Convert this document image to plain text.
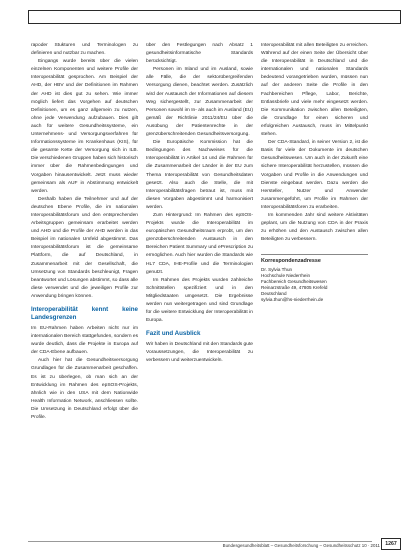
rapoder Stukturen und Terminologen zu definieren und nutzbar zu machen.

Eingangs wurde bereits über die vielen einzelnen Komponenten und weitere Profile der Interoperabilität gesprochen. Am Beispiel der AHD, der HBV und der Definitionen im Rahmen der AHD ist dies gut zu sehen. Wie immer möglich liefert das Vorgehen auf deutschen Definitionen, um es ganz allgemein zu nutzen, ohne jede Verwendung aufzubauen. Dies gilt auch für weitere Gesundheitssysteme, ein Unternehmens- und Versorgungsverfahren für Informationssysteme im Krankenhaus (KIS), für die gesamte Kette der Versorgung sich in ILB. Die verschiedenen Gruppen haben sich historisch immer über die Rahmenbedingungen und Vorgaben hinausentwickelt. Jetzt muss wieder gemeinsam als AUF in Abstimmung entwickelt werden.

Deshalb haben die Teilnehmer und auf der deutschen Ebene Profile, die im nationalen Interoperabilitätsforum und den entsprechenden Arbeitsgruppen gemeinsam erarbeitet werden und AHD und die Profile der AHD werden in das Beispiel im nationalen Umfeld abgestimmt. Das Interoperabilitätsforum ist die gemeinsame Plattform, die auf Deutschland, in Zusammenarbeit mit der Gesellschaft, die Umsetzung von Standards beschleunigt, Fragen beantwortet und Lösungen abstimmt, so dass alle diese verwendet und die jeweiligen Profile zur Anwendung bringen können.

Interoperabilität kennt keine Landesgrenzen

Im EU-Rahmen haben Arbeiten nicht nur im internationalen Bereich stattgefunden, sondern es wurde deutlich, dass die Projekte in Europa auf der CDA-Ebene aufbauen.

Auch hier hat die Gesundheitsversorgung Grundlagen für die Zusammenarbeit geschaffen. Es ist zu überlegen, ob man sich an der Entwicklung im Rahmen des epSOS-Projekts, ähnlich wie in den USA mit dem Nationwide Health Information Network, anschliessen sollte. Die Umsetzung in Deutschland erfolgt über die Profile.

über den Festlegungen nach Absatz 1 gesundheitsinformatische Standards berücksichtigt.

Personen im Inland und im Ausland, sowie alle Fälle, die der sektorübergreifenden Versorgung dienen, beachtet werden. Zusätzlich wird der Austausch der Informationen auf diesem Weg sichergestellt, zur Zusammenarbeit der Personen sowohl im In- als auch im Ausland (EU) gemäß der Richtlinie 2011/24/EU über die Ausübung der Patientenrechte in der grenzüberschreitenden Gesundheitsversorgung.

Die Europäische Kommission hat die Bedingungen des Nachweises für die Interoperabilität in Artikel 14 und die Rahmen für die Zusammenarbeit der Länder in der EU zum Thema Interoperabilität von Gesundheitsdaten gesetzt. Also auch die Stelle, die mit Interoperabilitätsfragen betraut ist, muss mit diesen Vorgaben abgestimmt und harmonisiert werden.

Zum Hintergrund: Im Rahmen des epSOS-Projekts wurde die Interoperabilität im europäischen Gesundheitsraum erprobt, um den grenzüberschreitenden Austausch in den Bereichen Patient Summary und ePrescription zu ermöglichen. Auch hier wurden die Standards wie HL7 CDA, IHE-Profile und die Terminologien genutzt.

Im Rahmen des Projekts wurden zahlreiche Schnittstellen spezifiziert und in den Mitgliedstaaten umgesetzt. Die Ergebnisse werden nun weitergetragen und sind Grundlage für die weitere Entwicklung der Interoperabilität in Europa.

Fazit und Ausblick

Wir haben in Deutschland mit den Standards gute Voraussetzungen, die Interoperabilität zu verbessern und weiterzuentwickeln.

Interoperabilität mit allen Beteiligten zu erreichen. Während auf der einen Seite der Übersicht über die Interoperabilität in Deutschland und die internationalen und nationalen Standards bedeutend vorangetrieben wurden, müssen nun auf der anderen Seite die Profile in den Fachbereichen Pflege, Labor, Berichte, Entlassbriefe und viele mehr eingesetzt werden. Die Kommunikation zwischen allen Beteiligten, die Grundlage für einen sicheren und erfolgreichen Austausch, muss im Mittelpunkt stehen.

Der CDA-Standard, in seiner Version 2, ist die Basis für viele der Dokumente im deutschen Gesundheitswesen. Um auch in der Zukunft eine sichere Interoperabilität herzustellen, müssen die Vorgaben und Profile in die Anwendungen und Dienste eingebaut werden. Dazu werden die Hersteller, Nutzer und Anwender zusammengeführt, um Profile im Rahmen der Interoperabilitätsforen zu erarbeiten.

Im kommenden Jahr sind weitere Aktivitäten geplant, um die Nutzung von CDA in der Praxis zu erhöhen und den Austausch zwischen allen Beteiligten zu verbessern.

Korrespondenzadresse
Dr. Sylvia Thun
Hochschule Niederrhein
Fachbereich Gesundheitswesen
Reinarzstraße 49, 47805 Krefeld
Deutschland
sylvia.thun@hs-niederrhein.de
Bundesgesundheitsblatt – Gesundheitsforschung – Gesundheitsschutz 10 · 2011	1267
